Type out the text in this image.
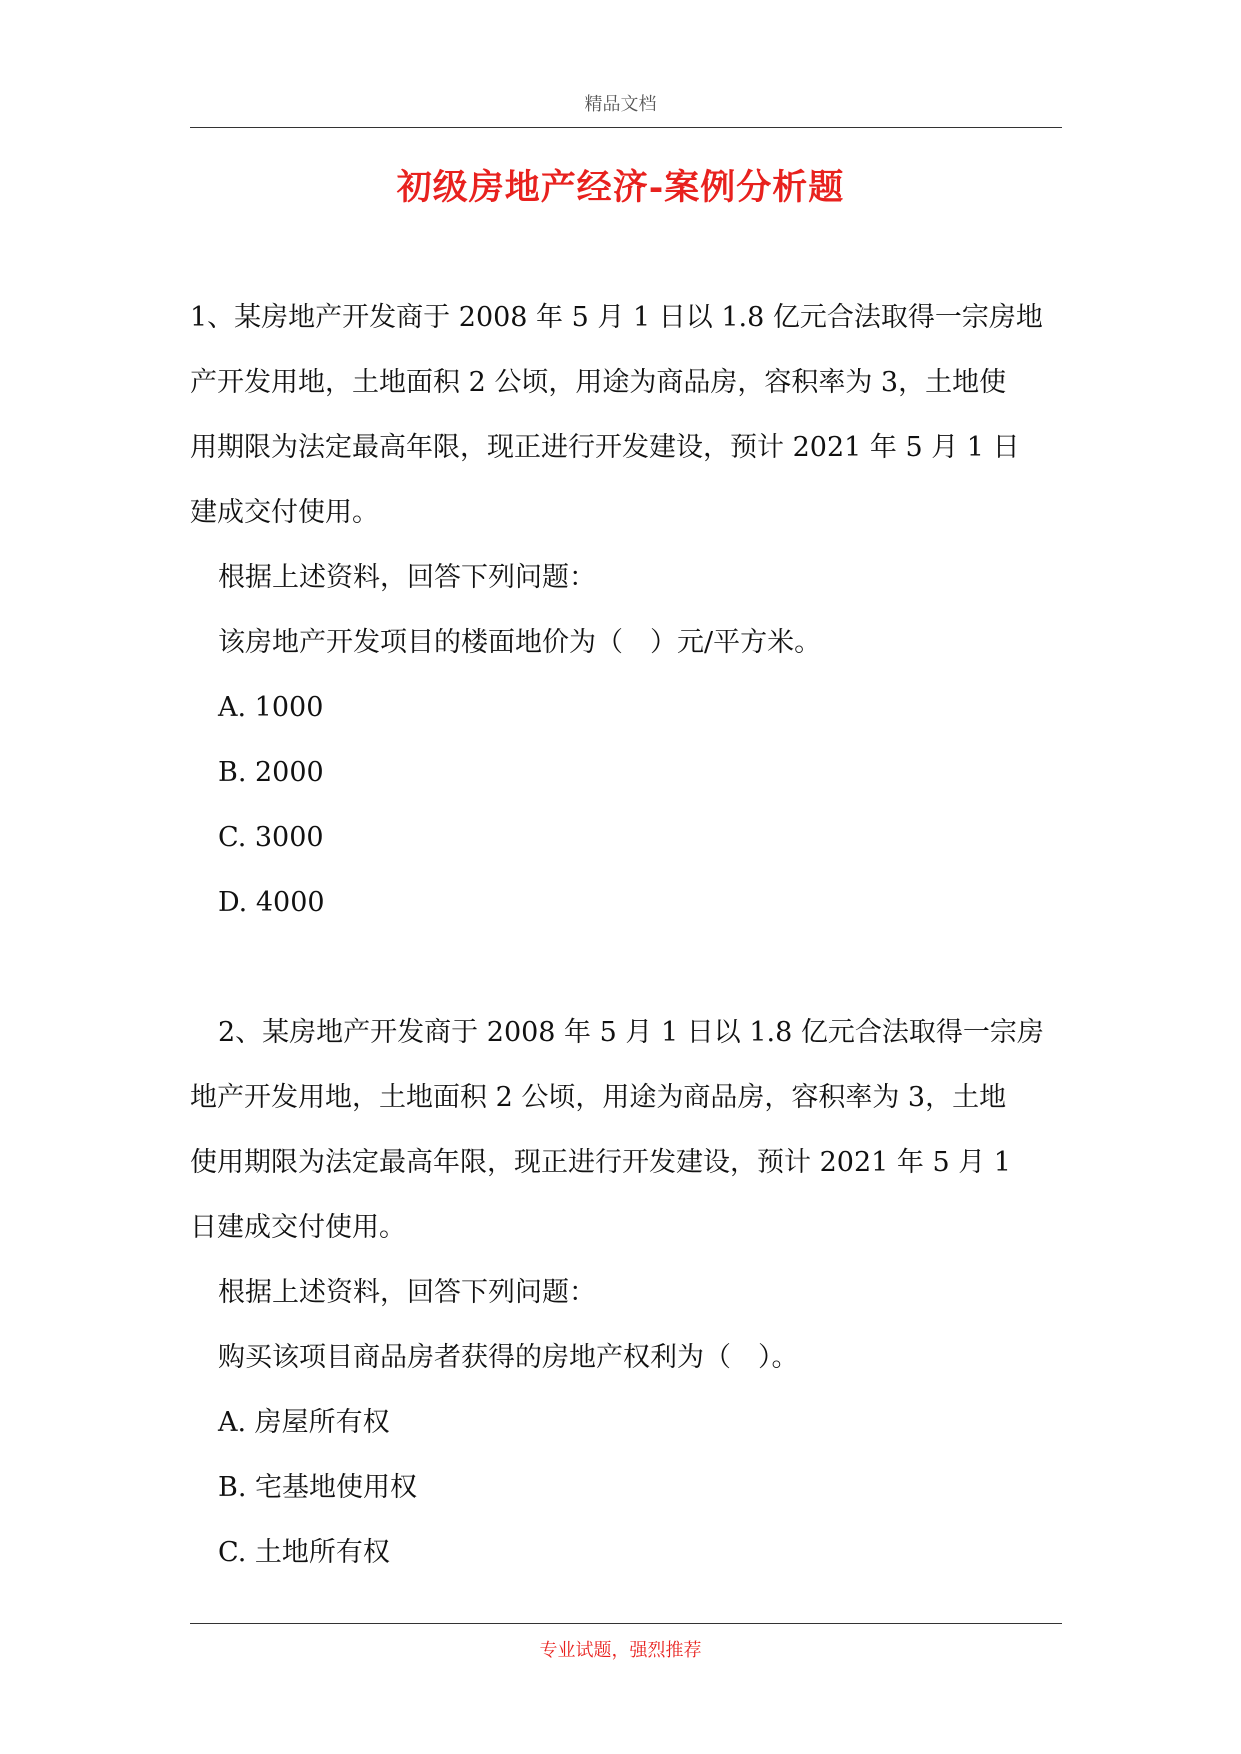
精品文档
初级房地产经济-案例分析题
1、某房地产开发商于 2008 年 5 月 1 日以 1.8 亿元合法取得一宗房地
产开发用地，土地面积 2 公顷，用途为商品房，容积率为 3，土地使
用期限为法定最高年限，现正进行开发建设，预计 2021 年 5 月 1 日
建成交付使用。
根据上述资料，回答下列问题：
该房地产开发项目的楼面地价为（　）元/平方米。
A. 1000
B. 2000
C. 3000
D. 4000
2、某房地产开发商于 2008 年 5 月 1 日以 1.8 亿元合法取得一宗房
地产开发用地，土地面积 2 公顷，用途为商品房，容积率为 3，土地
使用期限为法定最高年限，现正进行开发建设，预计 2021 年 5 月 1
日建成交付使用。
根据上述资料，回答下列问题：
购买该项目商品房者获得的房地产权利为（　）。
A. 房屋所有权
B. 宅基地使用权
C. 土地所有权
专业试题，强烈推荐
